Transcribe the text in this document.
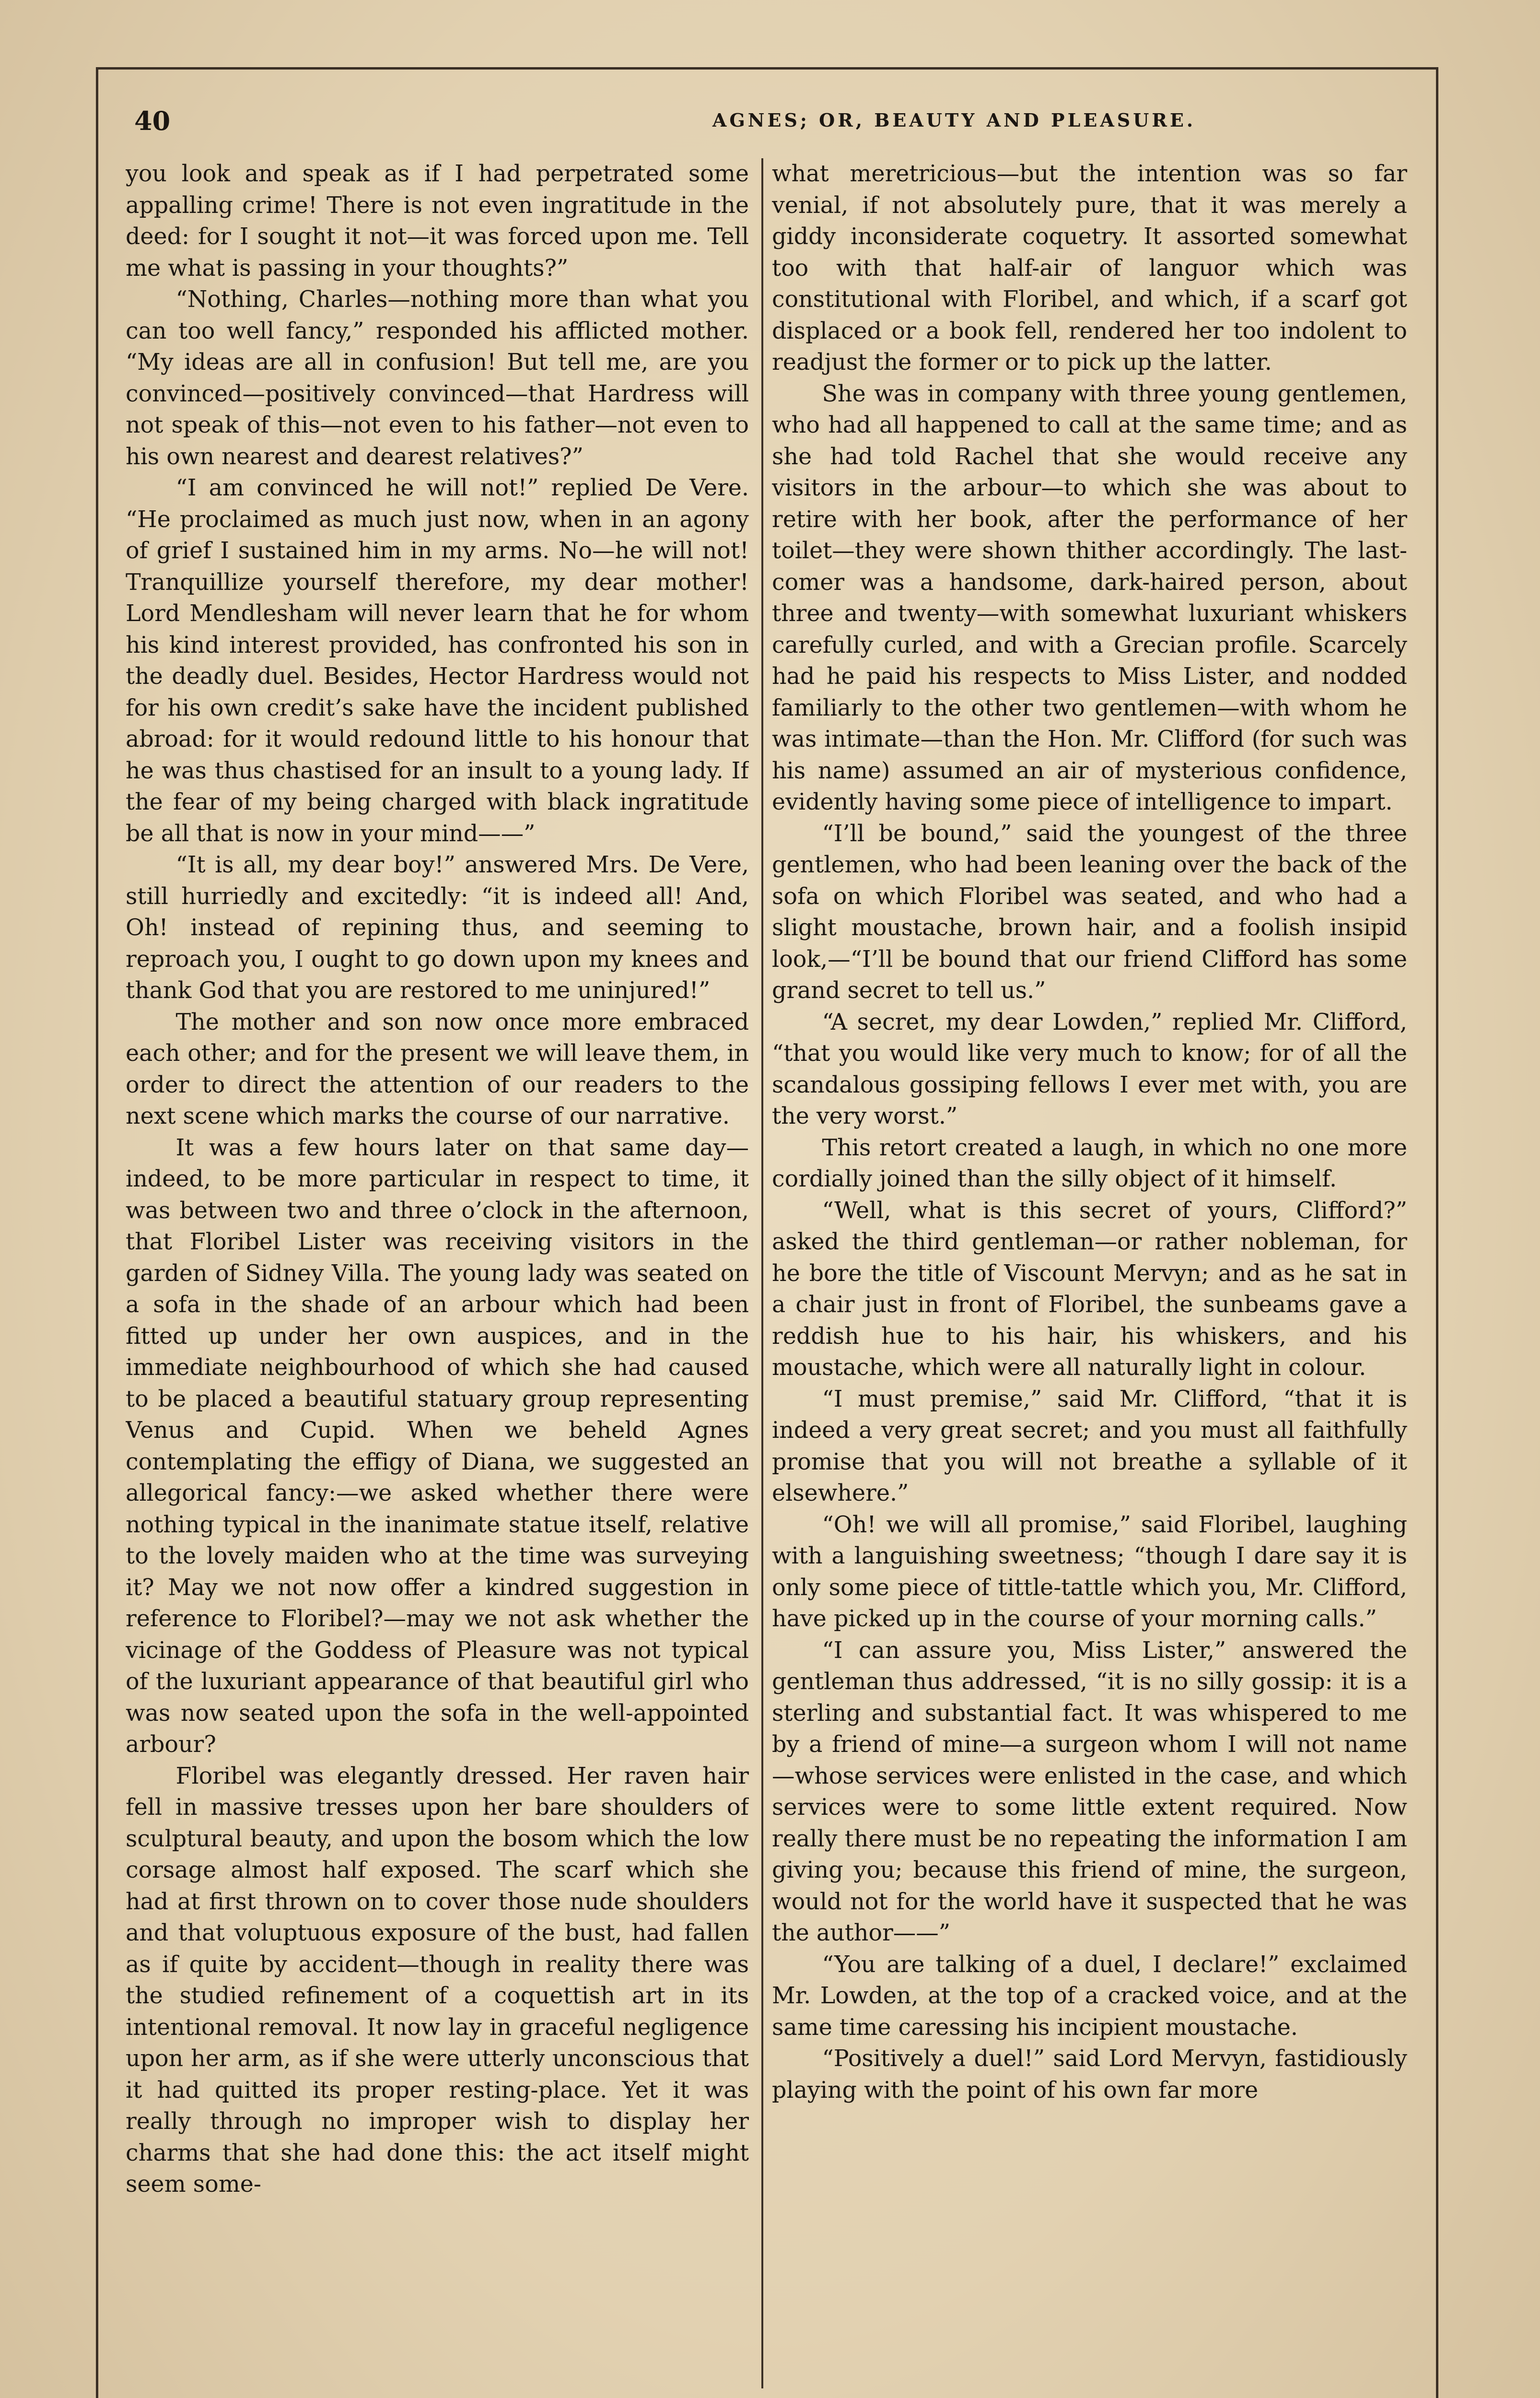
40	AGNES; OR, BEAUTY AND PLEASURE.

you look and speak as if I had perpetrated some appalling crime! There is not even ingratitude in the deed: for I sought it not—it was forced upon me. Tell me what is passing in your thoughts?”

“Nothing, Charles—nothing more than what you can too well fancy,” responded his afflicted mother. “My ideas are all in confusion! But tell me, are you convinced—positively convinced—that Hardress will not speak of this—not even to his father—not even to his own nearest and dearest relatives?”

“I am convinced he will not!” replied De Vere. “He proclaimed as much just now, when in an agony of grief I sustained him in my arms. No—he will not! Tranquillize yourself therefore, my dear mother! Lord Mendlesham will never learn that he for whom his kind interest provided, has confronted his son in the deadly duel. Besides, Hector Hardress would not for his own credit’s sake have the incident published abroad: for it would redound little to his honour that he was thus chastised for an insult to a young lady. If the fear of my being charged with black ingratitude be all that is now in your mind——”

“It is all, my dear boy!” answered Mrs. De Vere, still hurriedly and excitedly: “it is indeed all! And, Oh! instead of repining thus, and seeming to reproach you, I ought to go down upon my knees and thank God that you are restored to me uninjured!”

The mother and son now once more embraced each other; and for the present we will leave them, in order to direct the attention of our readers to the next scene which marks the course of our narrative.

It was a few hours later on that same day—indeed, to be more particular in respect to time, it was between two and three o’clock in the afternoon, that Floribel Lister was receiving visitors in the garden of Sidney Villa. The young lady was seated on a sofa in the shade of an arbour which had been fitted up under her own auspices, and in the immediate neighbourhood of which she had caused to be placed a beautiful statuary group representing Venus and Cupid. When we beheld Agnes contemplating the effigy of Diana, we suggested an allegorical fancy:—we asked whether there were nothing typical in the inanimate statue itself, relative to the lovely maiden who at the time was surveying it? May we not now offer a kindred suggestion in reference to Floribel?—may we not ask whether the vicinage of the Goddess of Pleasure was not typical of the luxuriant appearance of that beautiful girl who was now seated upon the sofa in the well-appointed arbour?

Floribel was elegantly dressed. Her raven hair fell in massive tresses upon her bare shoulders of sculptural beauty, and upon the bosom which the low corsage almost half exposed. The scarf which she had at first thrown on to cover those nude shoulders and that voluptuous exposure of the bust, had fallen as if quite by accident—though in reality there was the studied refinement of a coquettish art in its intentional removal. It now lay in graceful negligence upon her arm, as if she were utterly unconscious that it had quitted its proper resting-place. Yet it was really through no improper wish to display her charms that she had done this: the act itself might seem some-

what meretricious—but the intention was so far venial, if not absolutely pure, that it was merely a giddy inconsiderate coquetry. It assorted somewhat too with that half-air of languor which was constitutional with Floribel, and which, if a scarf got displaced or a book fell, rendered her too indolent to readjust the former or to pick up the latter.

She was in company with three young gentlemen, who had all happened to call at the same time; and as she had told Rachel that she would receive any visitors in the arbour—to which she was about to retire with her book, after the performance of her toilet—they were shown thither accordingly. The last-comer was a handsome, dark-haired person, about three and twenty—with somewhat luxuriant whiskers carefully curled, and with a Grecian profile. Scarcely had he paid his respects to Miss Lister, and nodded familiarly to the other two gentlemen—with whom he was intimate—than the Hon. Mr. Clifford (for such was his name) assumed an air of mysterious confidence, evidently having some piece of intelligence to impart.

“I’ll be bound,” said the youngest of the three gentlemen, who had been leaning over the back of the sofa on which Floribel was seated, and who had a slight moustache, brown hair, and a foolish insipid look,—“I’ll be bound that our friend Clifford has some grand secret to tell us.”

“A secret, my dear Lowden,” replied Mr. Clifford, “that you would like very much to know; for of all the scandalous gossiping fellows I ever met with, you are the very worst.”

This retort created a laugh, in which no one more cordially joined than the silly object of it himself.

“Well, what is this secret of yours, Clifford?” asked the third gentleman—or rather nobleman, for he bore the title of Viscount Mervyn; and as he sat in a chair just in front of Floribel, the sunbeams gave a reddish hue to his hair, his whiskers, and his moustache, which were all naturally light in colour.

“I must premise,” said Mr. Clifford, “that it is indeed a very great secret; and you must all faithfully promise that you will not breathe a syllable of it elsewhere.”

“Oh! we will all promise,” said Floribel, laughing with a languishing sweetness; “though I dare say it is only some piece of tittle-tattle which you, Mr. Clifford, have picked up in the course of your morning calls.”

“I can assure you, Miss Lister,” answered the gentleman thus addressed, “it is no silly gossip: it is a sterling and substantial fact. It was whispered to me by a friend of mine—a surgeon whom I will not name—whose services were enlisted in the case, and which services were to some little extent required. Now really there must be no repeating the information I am giving you; because this friend of mine, the surgeon, would not for the world have it suspected that he was the author——”

“You are talking of a duel, I declare!” exclaimed Mr. Lowden, at the top of a cracked voice, and at the same time caressing his incipient moustache.

“Positively a duel!” said Lord Mervyn, fastidiously playing with the point of his own far more
